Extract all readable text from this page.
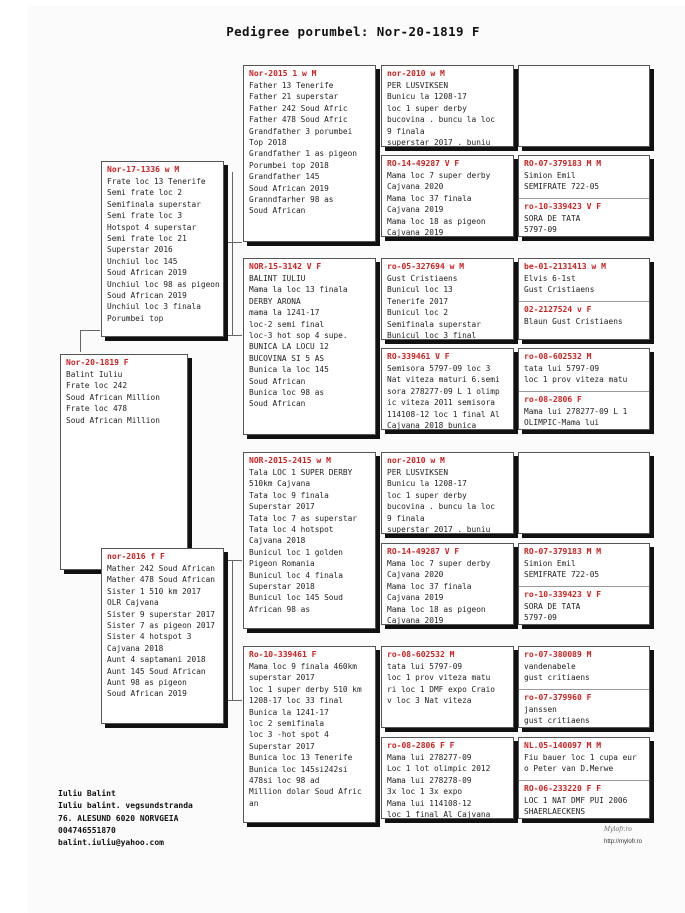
Pedigree porumbel: Nor-20-1819 F
Nor-20-1819 F
Balint Iuliu
Frate loc 242
Soud African Million
Frate loc 478
Soud African Million
Nor-17-1336 w M
Frate loc 13 Tenerife
Semi frate loc 2
Semifinala superstar
Semi frate loc 3
Hotspot 4 superstar
Semi frate loc 21
Superstar 2016
Unchiul loc 145
Soud African 2019
Unchiul loc 98 as pigeon
Soud African 2019
Unchiul loc 3 finala
Porumbei top
nor-2016 f F
Mather 242 Soud African
Mather 478 Soud African
Sister 1 510 km 2017
OLR Cajvana
Sister 9 superstar 2017
Sister 7 as pigeon 2017
Sister 4 hotspot 3
Cajvana 2018
Aunt 4 saptamani 2018
Aunt 145 Soud African
Aunt 98 as pigeon
Soud African 2019
Nor-2015 1 w M
Father 13 Tenerife
Father 21 superstar
Father 242 Soud Afric
Father 478 Soud Afric
Grandfather 3 porumbei
Top 2018
Grandfather 1 as pigeon
Porumbei top 2018
Grandfather 145
Soud African 2019
Granndfarher 98 as
Soud African
NOR-15-3142 V F
BALINT IULIU
Mama la loc 13 finala
DERBY ARONA
mama la 1241-17
loc-2 semi final
loc-3 hot sop 4 supe.
BUNICA LA LOCU 12
BUCOVINA SI 5 AS
Bunica la loc 145
Soud African
Bunica loc 98 as
Soud African
NOR-2015-2415 w M
Tala LOC 1 SUPER DERBY
510km Cajvana
Tata loc 9 finala
Superstar 2017
Tata loc 7 as superstar
Tata loc 4 hotspot
Cajvana 2018
Bunicul loc 1 golden
Pigeon Romania
Bunicul loc 4 finala
Superstar 2018
Bunicul loc 145 Soud
African 98 as
Ro-10-339461 F
Mama loc 9 finala 460km
superstar 2017
loc 1 super derby 510 km
1208-17 loc 33 final
Bunica la 1241-17
loc 2 semifinala
loc 3 -hot spot 4
Superstar 2017
Bunica loc 13 Tenerife
Bunica loc 145si242si
478si loc 98 ad
Million dolar Soud Afric
an
nor-2010 w M
PER LUSVIKSEN
Bunicu la 1208-17
loc 1 super derby
bucovina . buncu la loc
9 finala
superstar 2017 . buniu
RO-14-49287 V F
Mama loc 7 super derby
Cajvana 2020
Mama loc 37 finala
Cajvana 2019
Mama loc 18 as pigeon
Cajvana 2019
ro-05-327694 w M
Gust Cristiaens
Bunicul loc 13
Tenerife 2017
Bunicul loc 2
Semifinala superstar
Bunicul loc 3 final
RO-339461 V F
Semisora 5797-09 loc 3
Nat viteza maturi 6.semi
sora 278277-09 L 1 olimp
ic viteza 2011 semisora
114108-12 loc 1 final Al
Cajvana 2018 bunica
nor-2010 w M
PER LUSVIKSEN
Bunicu la 1208-17
loc 1 super derby
bucovina . buncu la loc
9 finala
superstar 2017 . buniu
RO-14-49287 V F
Mama loc 7 super derby
Cajvana 2020
Mama loc 37 finala
Cajvana 2019
Mama loc 18 as pigeon
Cajvana 2019
ro-08-602532 M
tata lui 5797-09
loc 1 prov viteza matu
ri loc 1 DMF expo Craio
v loc 3 Nat viteza
ro-08-2806 F F
Mama lui 278277-09
Loc 1 lot olimpic 2012
Mama lui 278278-09
3x loc 1 3x expo
Mama lui 114108-12
loc 1 final Al Cajvana

RO-07-379183 M M
Simion Emil
SEMIFRATE 722-05
ro-10-339423 V F
SORA DE TATA
5797-09
be-01-2131413 w M
Elvis 6-1st
Gust Cristiaens
02-2127524 v F
Blaun Gust Cristiaens
ro-08-602532 M
tata lui 5797-09
loc 1 prov viteza matu
ro-08-2806 F
Mama lui 278277-09 L 1
OLIMPIC-Mama lui

RO-07-379183 M M
Simion Emil
SEMIFRATE 722-05
ro-10-339423 V F
SORA DE TATA
5797-09
ro-07-380089 M
vandenabele
gust critiaens
ro-07-379960 F
janssen
gust critiaens
NL.05-140097 M M
Fiu bauer loc 1 cupa eur
o Peter van D.Merwe
RO-06-233220 F F
LOC 1 NAT DMF PUI 2006
SHAERLAECKENS
Iuliu Balint
Iuliu balint. vegsundstranda
76. ALESUND 6020 NORVGEIA
004746551870
balint.iuliu@yahoo.com
Mylofr.ro
http://mylofr.ro
